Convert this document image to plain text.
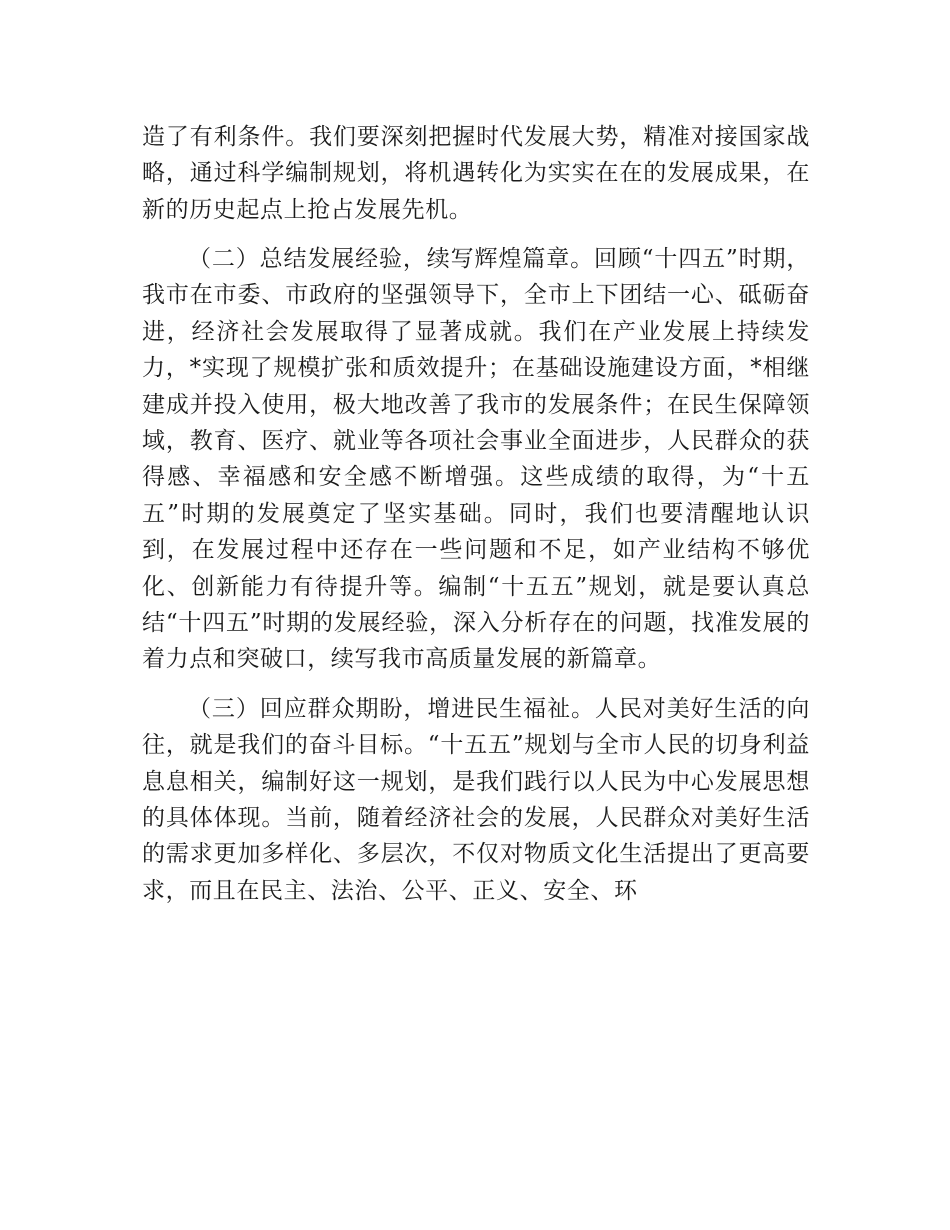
造了有利条件。我们要深刻把握时代发展大势，精准对接国家战略，通过科学编制规划，将机遇转化为实实在在的发展成果，在新的历史起点上抢占发展先机。

（二）总结发展经验，续写辉煌篇章。回顾“十四五”时期，我市在市委、市政府的坚强领导下，全市上下团结一心、砥砺奋进，经济社会发展取得了显著成就。我们在产业发展上持续发力，*实现了规模扩张和质效提升；在基础设施建设方面，*相继建成并投入使用，极大地改善了我市的发展条件；在民生保障领域，教育、医疗、就业等各项社会事业全面进步，人民群众的获得感、幸福感和安全感不断增强。这些成绩的取得，为“十五五”时期的发展奠定了坚实基础。同时，我们也要清醒地认识到，在发展过程中还存在一些问题和不足，如产业结构不够优化、创新能力有待提升等。编制“十五五”规划，就是要认真总结“十四五”时期的发展经验，深入分析存在的问题，找准发展的着力点和突破口，续写我市高质量发展的新篇章。

（三）回应群众期盼，增进民生福祉。人民对美好生活的向往，就是我们的奋斗目标。“十五五”规划与全市人民的切身利益息息相关，编制好这一规划，是我们践行以人民为中心发展思想的具体体现。当前，随着经济社会的发展，人民群众对美好生活的需求更加多样化、多层次，不仅对物质文化生活提出了更高要求，而且在民主、法治、公平、正义、安全、环
